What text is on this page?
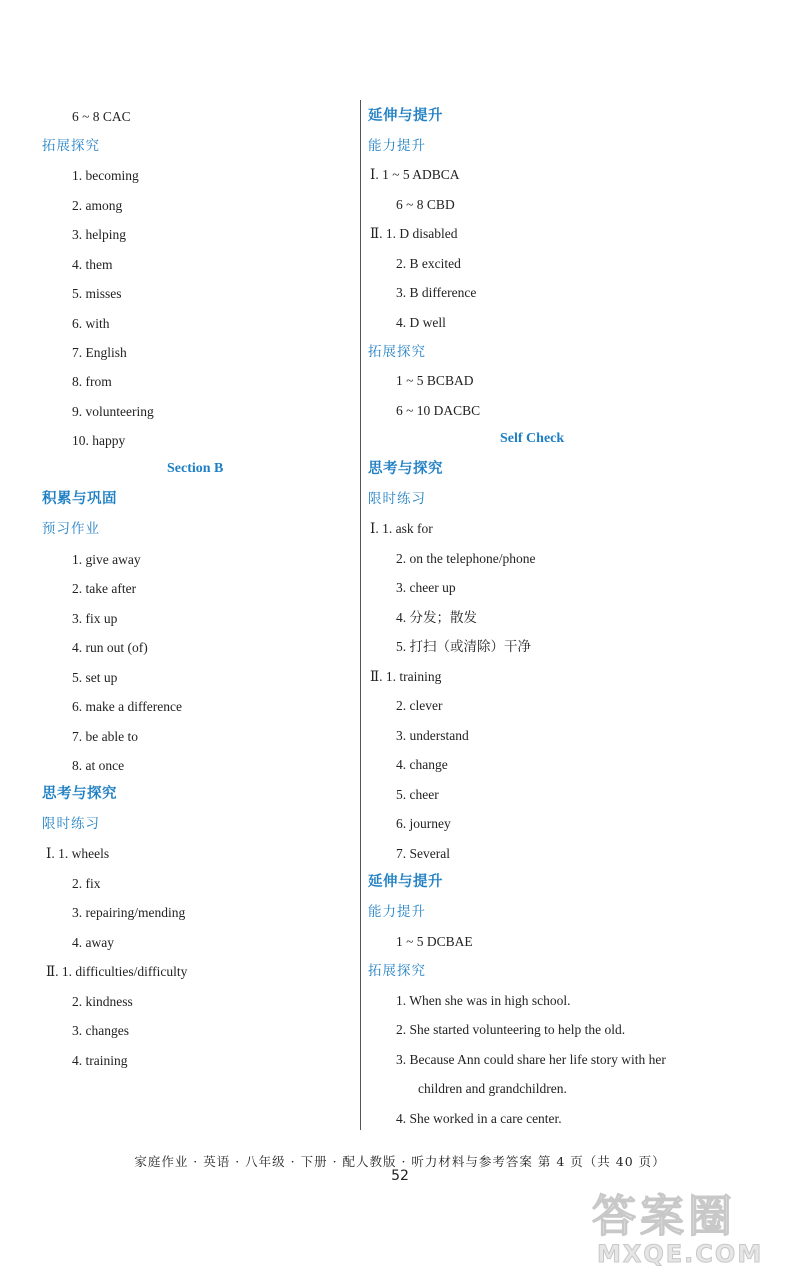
6 ~ 8 CAC
拓展探究
1. becoming
2. among
3. helping
4. them
5. misses
6. with
7. English
8. from
9. volunteering
10. happy
Section B
积累与巩固
预习作业
1. give away
2. take after
3. fix up
4. run out (of)
5. set up
6. make a difference
7. be able to
8. at once
思考与探究
限时练习
Ⅰ. 1. wheels
2. fix
3. repairing/mending
4. away
Ⅱ. 1. difficulties/difficulty
2. kindness
3. changes
4. training
延伸与提升
能力提升
Ⅰ. 1 ~ 5 ADBCA
6 ~ 8 CBD
Ⅱ. 1. D disabled
2. B excited
3. B difference
4. D well
拓展探究
1 ~ 5 BCBAD
6 ~ 10 DACBC
Self Check
思考与探究
限时练习
Ⅰ. 1. ask for
2. on the telephone/phone
3. cheer up
4. 分发；散发
5. 打扫（或清除）干净
Ⅱ. 1. training
2. clever
3. understand
4. change
5. cheer
6. journey
7. Several
延伸与提升
能力提升
1 ~ 5 DCBAE
拓展探究
1. When she was in high school.
2. She started volunteering to help the old.
3. Because Ann could share her life story with her
children and grandchildren.
4. She worked in a care center.
家庭作业 · 英语 · 八年级 · 下册 · 配人教版 · 听力材料与参考答案 第 4 页（共 40 页）
52
答案圈
MXQE.COM
